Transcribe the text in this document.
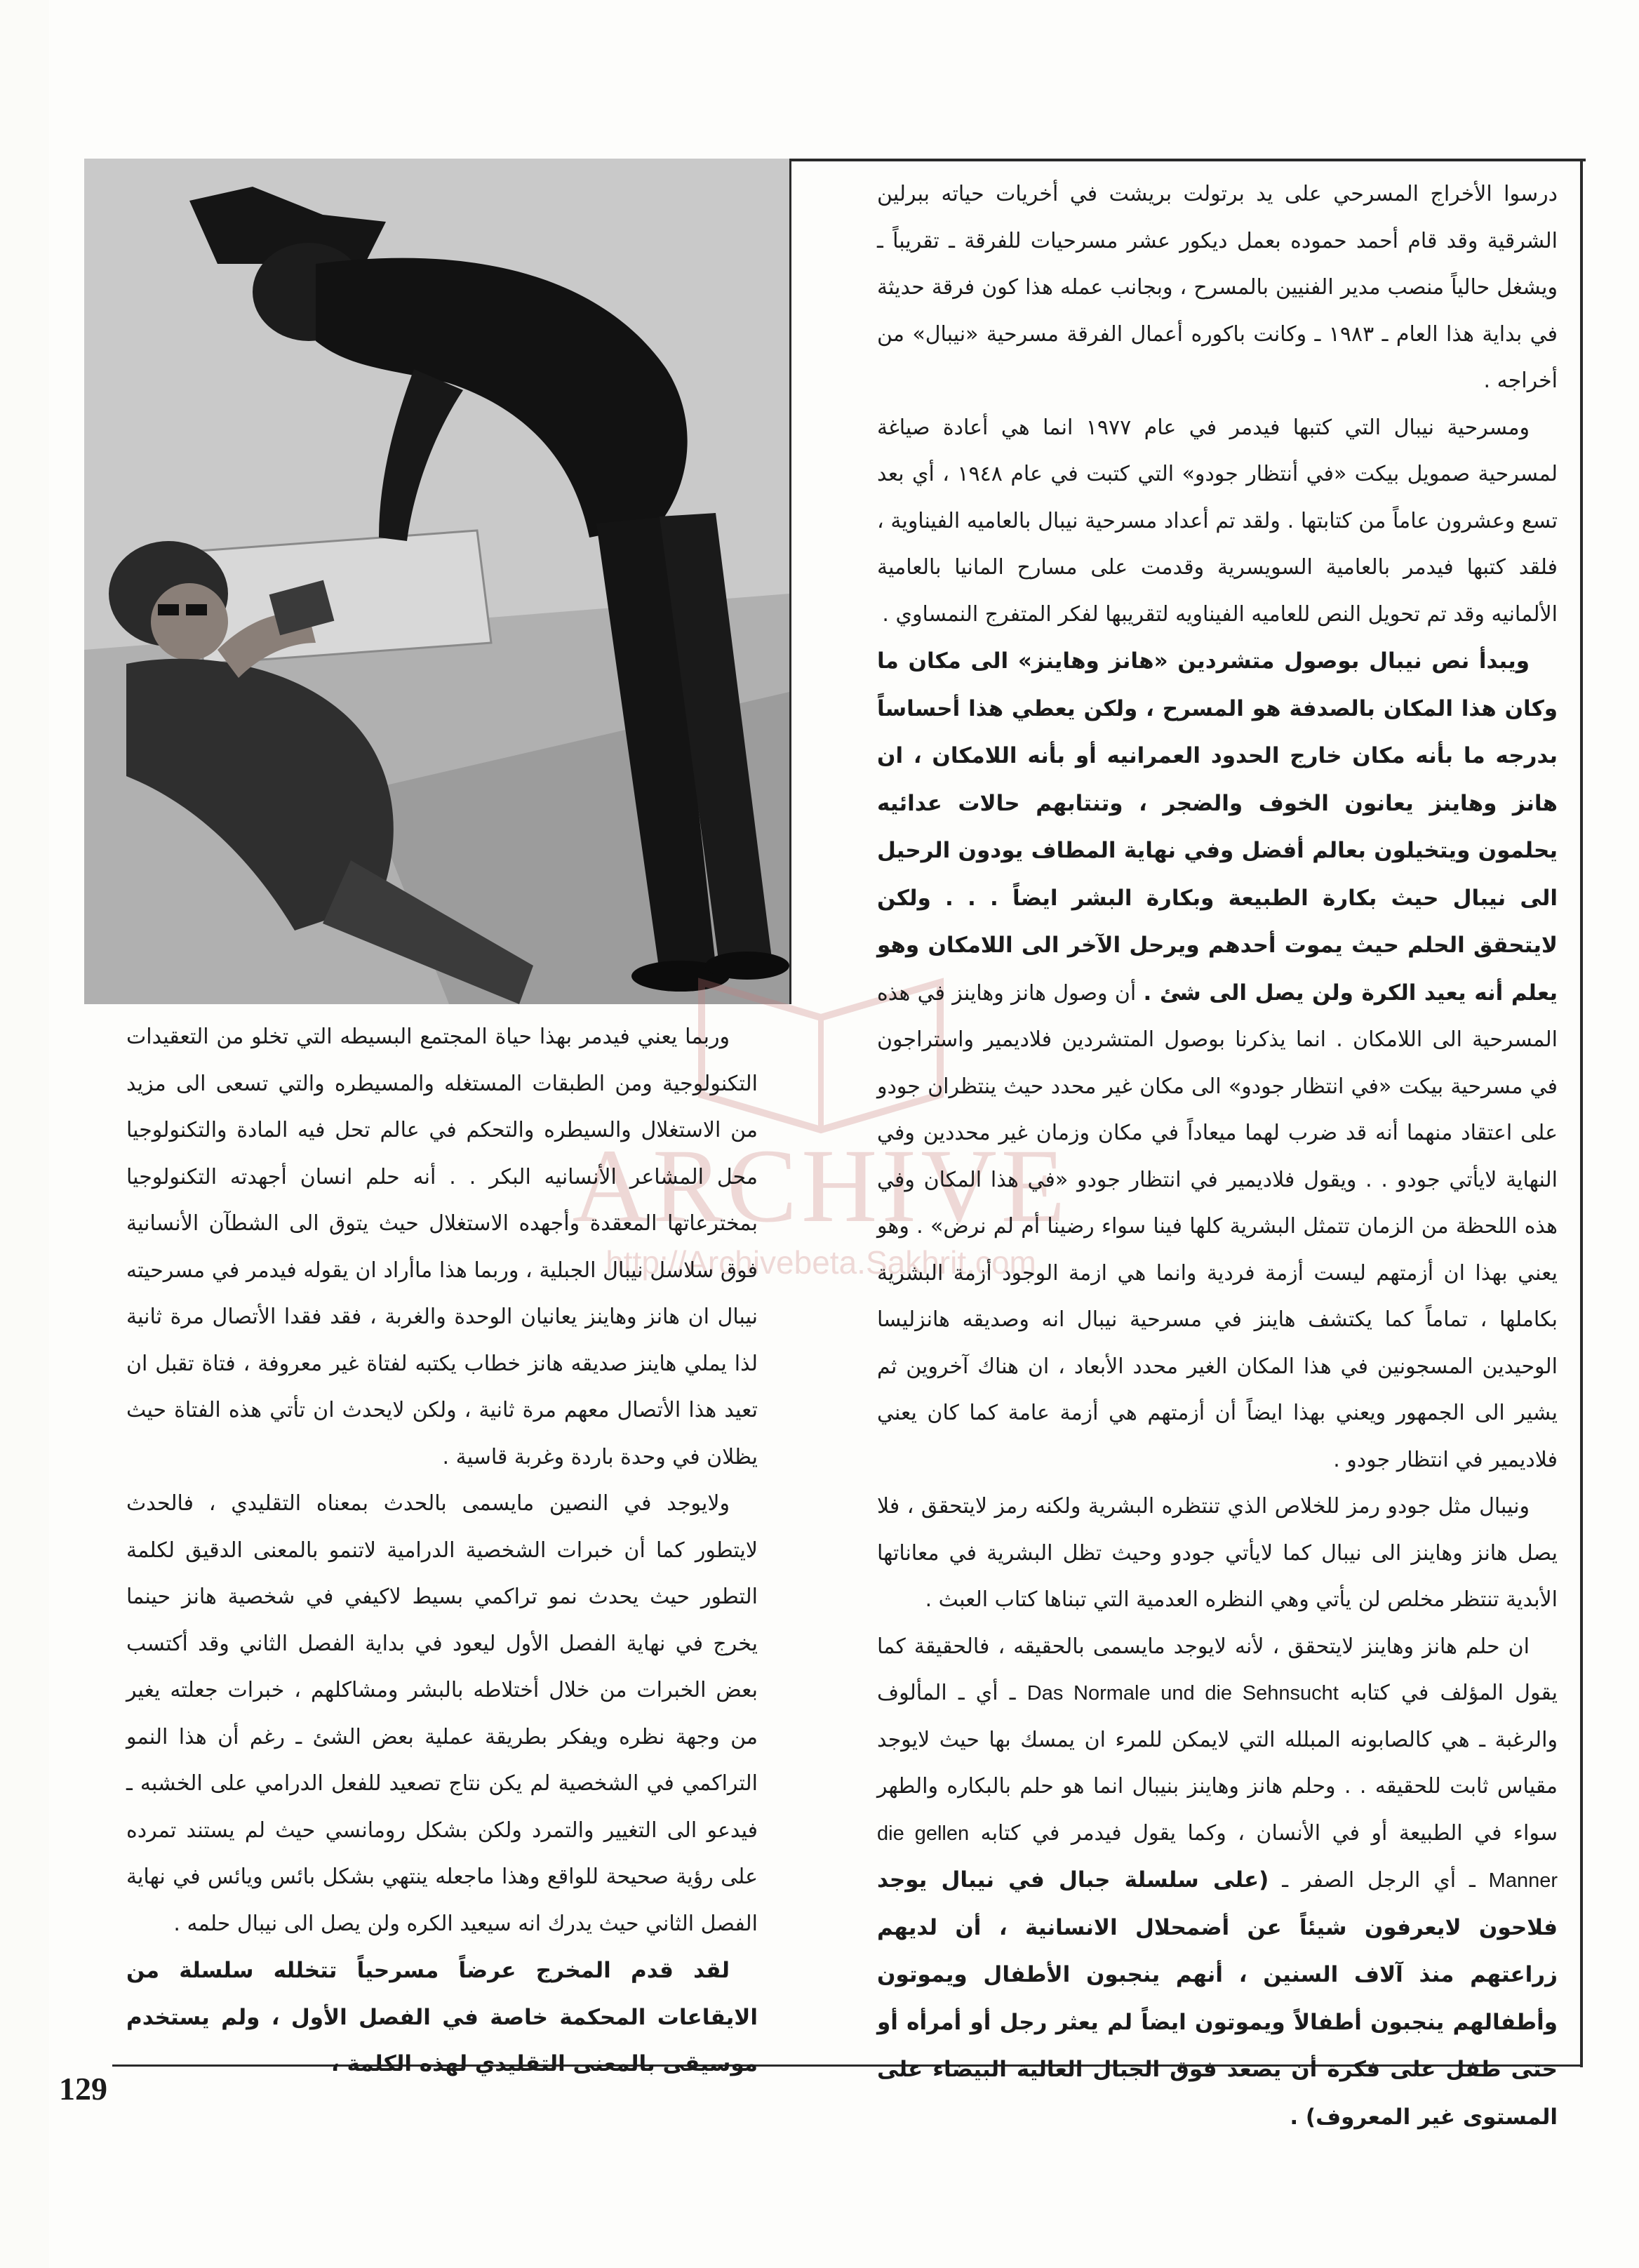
ARCHIVE
http://Archivebeta.Sakhrit.com

درسوا الأخراج المسرحي على يد برتولت بريشت في أخريات حياته ببرلين الشرقية وقد قام أحمد حموده بعمل ديكور عشر مسرحيات للفرقة ـ تقريباً ـ ويشغل حالياً منصب مدير الفنيين بالمسرح ، وبجانب عمله هذا كون فرقة حديثة في بداية هذا العام ـ ١٩٨٣ ـ وكانت باكوره أعمال الفرقة مسرحية «نيبال» من أخراجه .

ومسرحية نيبال التي كتبها فيدمر في عام ١٩٧٧ انما هي أعادة صياغة لمسرحية صمويل بيكت «في أنتظار جودو» التي كتبت في عام ١٩٤٨ ، أي بعد تسع وعشرون عاماً من كتابتها . ولقد تم أعداد مسرحية نيبال بالعاميه الفيناوية ، فلقد كتبها فيدمر بالعامية السويسرية وقدمت على مسارح المانيا بالعامية الألمانيه وقد تم تحويل النص للعاميه الفيناويه لتقريبها لفكر المتفرج النمساوي .

ويبدأ نص نيبال بوصول متشردين «هانز وهاينز» الى مكان ما وكان هذا المكان بالصدفة هو المسرح ، ولكن يعطي هذا أحساساً بدرجه ما بأنه مكان خارج الحدود العمرانيه أو بأنه اللامكان ، ان هانز وهاينز يعانون الخوف والضجر ، وتنتابهم حالات عدائيه يحلمون ويتخيلون بعالم أفضل وفي نهاية المطاف يودون الرحيل الى نيبال حيث بكارة الطبيعة وبكارة البشر ايضاً . . . ولكن لايتحقق الحلم حيث يموت أحدهم ويرحل الآخر الى اللامكان وهو يعلم أنه يعيد الكرة ولن يصل الى شئ . أن وصول هانز وهاينز في هذه المسرحية الى اللامكان . انما يذكرنا بوصول المتشردين فلاديمير واستراجون في مسرحية بيكت «في انتظار جودو» الى مكان غير محدد حيث ينتظران جودو على اعتقاد منهما أنه قد ضرب لهما ميعاداً في مكان وزمان غير محددين وفي النهاية لايأتي جودو . . ويقول فلاديمير في انتظار جودو «في هذا المكان وفي هذه اللحظة من الزمان تتمثل البشرية كلها فينا سواء رضينا أم لم نرض» . وهو يعني بهذا ان أزمتهم ليست أزمة فردية وانما هي ازمة الوجود أزمة البشرية بكاملها ، تماماً كما يكتشف هاينز في مسرحية نيبال انه وصديقه هانزليسا الوحيدين المسجونين في هذا المكان الغير محدد الأبعاد ، ان هناك آخروين ثم يشير الى الجمهور ويعني بهذا ايضاً أن أزمتهم هي أزمة عامة كما كان يعني فلاديمير في انتظار جودو .

ونيبال مثل جودو رمز للخلاص الذي تنتظره البشرية ولكنه رمز لايتحقق ، فلا يصل هانز وهاينز الى نيبال كما لايأتي جودو وحيث تظل البشرية في معاناتها الأبدية تنتظر مخلص لن يأتي وهي النظره العدمية التي تبناها كتاب العبث .

ان حلم هانز وهاينز لايتحقق ، لأنه لايوجد مايسمى بالحقيقه ، فالحقيقة كما يقول المؤلف في كتابه Das Normale und die Sehnsucht ـ أي ـ المألوف والرغبة ـ هي كالصابونه المبلله التي لايمكن للمرء ان يمسك بها حيث لايوجد مقياس ثابت للحقيقه . . وحلم هانز وهاينز بنيبال انما هو حلم بالبكاره والطهر سواء في الطبيعة أو في الأنسان ، وكما يقول فيدمر في كتابه die gellen Manner ـ أي الرجل الصفر ـ (على سلسلة جبال في نيبال يوجد فلاحون لايعرفون شيئاً عن أضمحلال الانسانية ، أن لديهم زراعتهم منذ آلاف السنين ، أنهم ينجبون الأطفال ويموتون وأطفالهم ينجبون أطفالاً ويموتون ايضاً لم يعثر رجل أو أمرأه أو حتى طفل على فكرة أن يصعد فوق الجبال العالية البيضاء على المستوى غير المعروف) .

وربما يعني فيدمر بهذا حياة المجتمع البسيطه التي تخلو من التعقيدات التكنولوجية ومن الطبقات المستغله والمسيطره والتي تسعى الى مزيد من الاستغلال والسيطره والتحكم في عالم تحل فيه المادة والتكنولوجيا محل المشاعر الأنسانيه البكر . . أنه حلم انسان أجهدته التكنولوجيا بمخترعاتها المعقدة وأجهده الاستغلال حيث يتوق الى الشطآن الأنسانية فوق سلاسل نيبال الجبلية ، وربما هذا ماأراد ان يقوله فيدمر في مسرحيته نيبال ان هانز وهاينز يعانيان الوحدة والغربة ، فقد فقدا الأتصال مرة ثانية لذا يملي هاينز صديقه هانز خطاب يكتبه لفتاة غير معروفة ، فتاة تقبل ان تعيد هذا الأتصال معهم مرة ثانية ، ولكن لايحدث ان تأتي هذه الفتاة حيث يظلان في وحدة باردة وغربة قاسية .

ولايوجد في النصين مايسمى بالحدث بمعناه التقليدي ، فالحدث لايتطور كما أن خبرات الشخصية الدرامية لاتنمو بالمعنى الدقيق لكلمة التطور حيث يحدث نمو تراكمي بسيط لاكيفي في شخصية هانز حينما يخرج في نهاية الفصل الأول ليعود في بداية الفصل الثاني وقد أكتسب بعض الخبرات من خلال أختلاطه بالبشر ومشاكلهم ، خبرات جعلته يغير من وجهة نظره ويفكر بطريقة عملية بعض الشئ ـ رغم أن هذا النمو التراكمي في الشخصية لم يكن نتاج تصعيد للفعل الدرامي على الخشبه ـ فيدعو الى التغيير والتمرد ولكن بشكل رومانسي حيث لم يستند تمرده على رؤية صحيحة للواقع وهذا ماجعله ينتهي بشكل بائس ويائس في نهاية الفصل الثاني حيث يدرك انه سيعيد الكره ولن يصل الى نيبال حلمه .

لقد قدم المخرج عرضاً مسرحياً تتخلله سلسلة من الايقاعات المحكمة خاصة في الفصل الأول ، ولم يستخدم موسيقى بالمعنى التقليدي لهذه الكلمة ،

129
